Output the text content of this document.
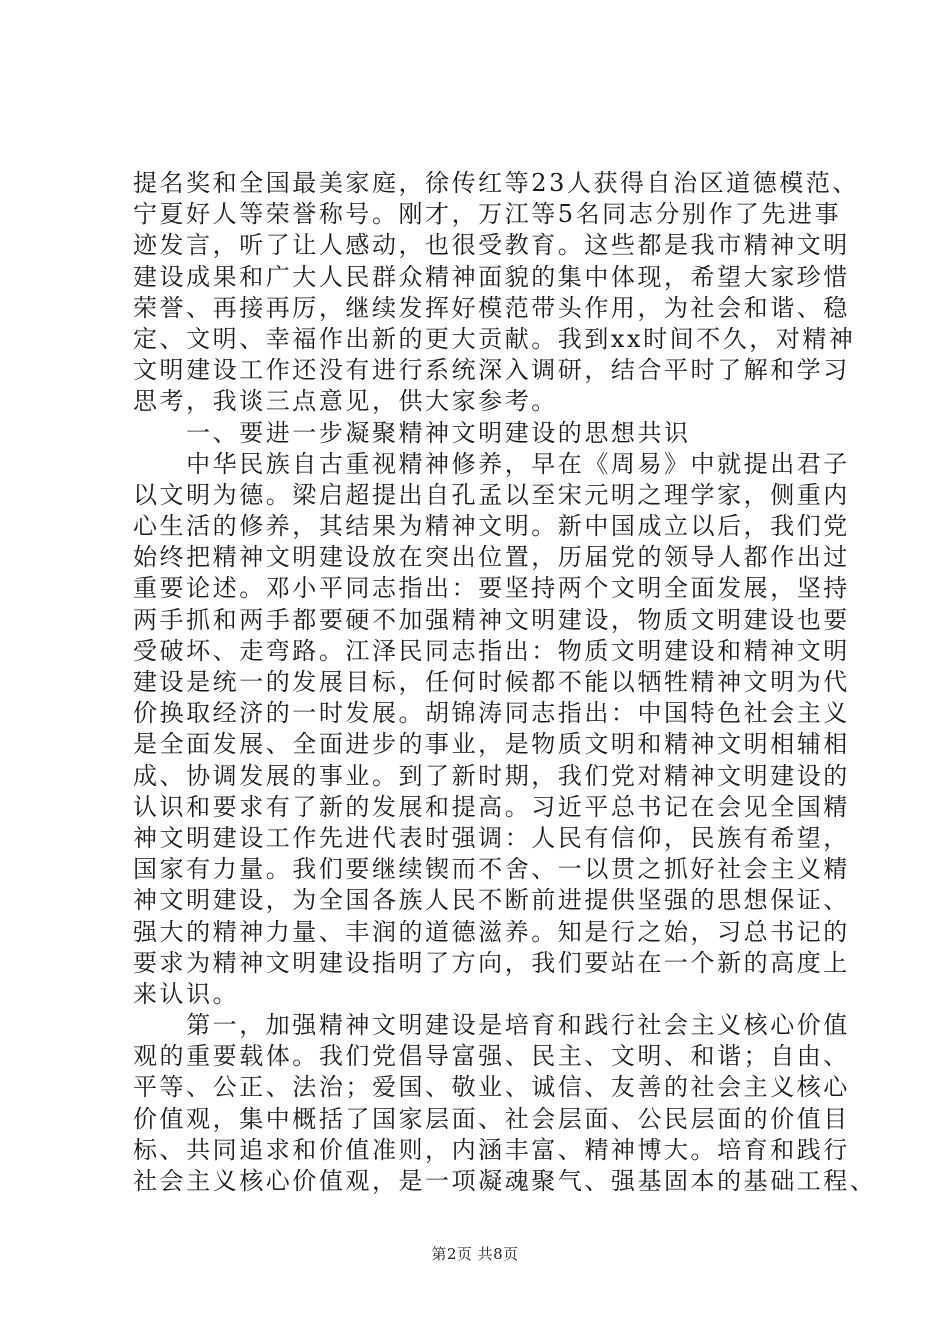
提名奖和全国最美家庭，徐传红等23人获得自治区道德模范、
宁夏好人等荣誉称号。刚才，万江等5名同志分别作了先进事
迹发言，听了让人感动，也很受教育。这些都是我市精神文明
建设成果和广大人民群众精神面貌的集中体现，希望大家珍惜
荣誉、再接再厉，继续发挥好模范带头作用，为社会和谐、稳
定、文明、幸福作出新的更大贡献。我到xx时间不久，对精神
文明建设工作还没有进行系统深入调研，结合平时了解和学习
思考，我谈三点意见，供大家参考。
　　一、要进一步凝聚精神文明建设的思想共识
　　中华民族自古重视精神修养，早在《周易》中就提出君子
以文明为德。梁启超提出自孔孟以至宋元明之理学家，侧重内
心生活的修养，其结果为精神文明。新中国成立以后，我们党
始终把精神文明建设放在突出位置，历届党的领导人都作出过
重要论述。邓小平同志指出：要坚持两个文明全面发展，坚持
两手抓和两手都要硬不加强精神文明建设，物质文明建设也要
受破坏、走弯路。江泽民同志指出：物质文明建设和精神文明
建设是统一的发展目标，任何时候都不能以牺牲精神文明为代
价换取经济的一时发展。胡锦涛同志指出：中国特色社会主义
是全面发展、全面进步的事业，是物质文明和精神文明相辅相
成、协调发展的事业。到了新时期，我们党对精神文明建设的
认识和要求有了新的发展和提高。习近平总书记在会见全国精
神文明建设工作先进代表时强调：人民有信仰，民族有希望，
国家有力量。我们要继续锲而不舍、一以贯之抓好社会主义精
神文明建设，为全国各族人民不断前进提供坚强的思想保证、
强大的精神力量、丰润的道德滋养。知是行之始，习总书记的
要求为精神文明建设指明了方向，我们要站在一个新的高度上
来认识。
　　第一，加强精神文明建设是培育和践行社会主义核心价值
观的重要载体。我们党倡导富强、民主、文明、和谐；自由、
平等、公正、法治；爱国、敬业、诚信、友善的社会主义核心
价值观，集中概括了国家层面、社会层面、公民层面的价值目
标、共同追求和价值准则，内涵丰富、精神博大。培育和践行
社会主义核心价值观，是一项凝魂聚气、强基固本的基础工程、
第2页 共8页
